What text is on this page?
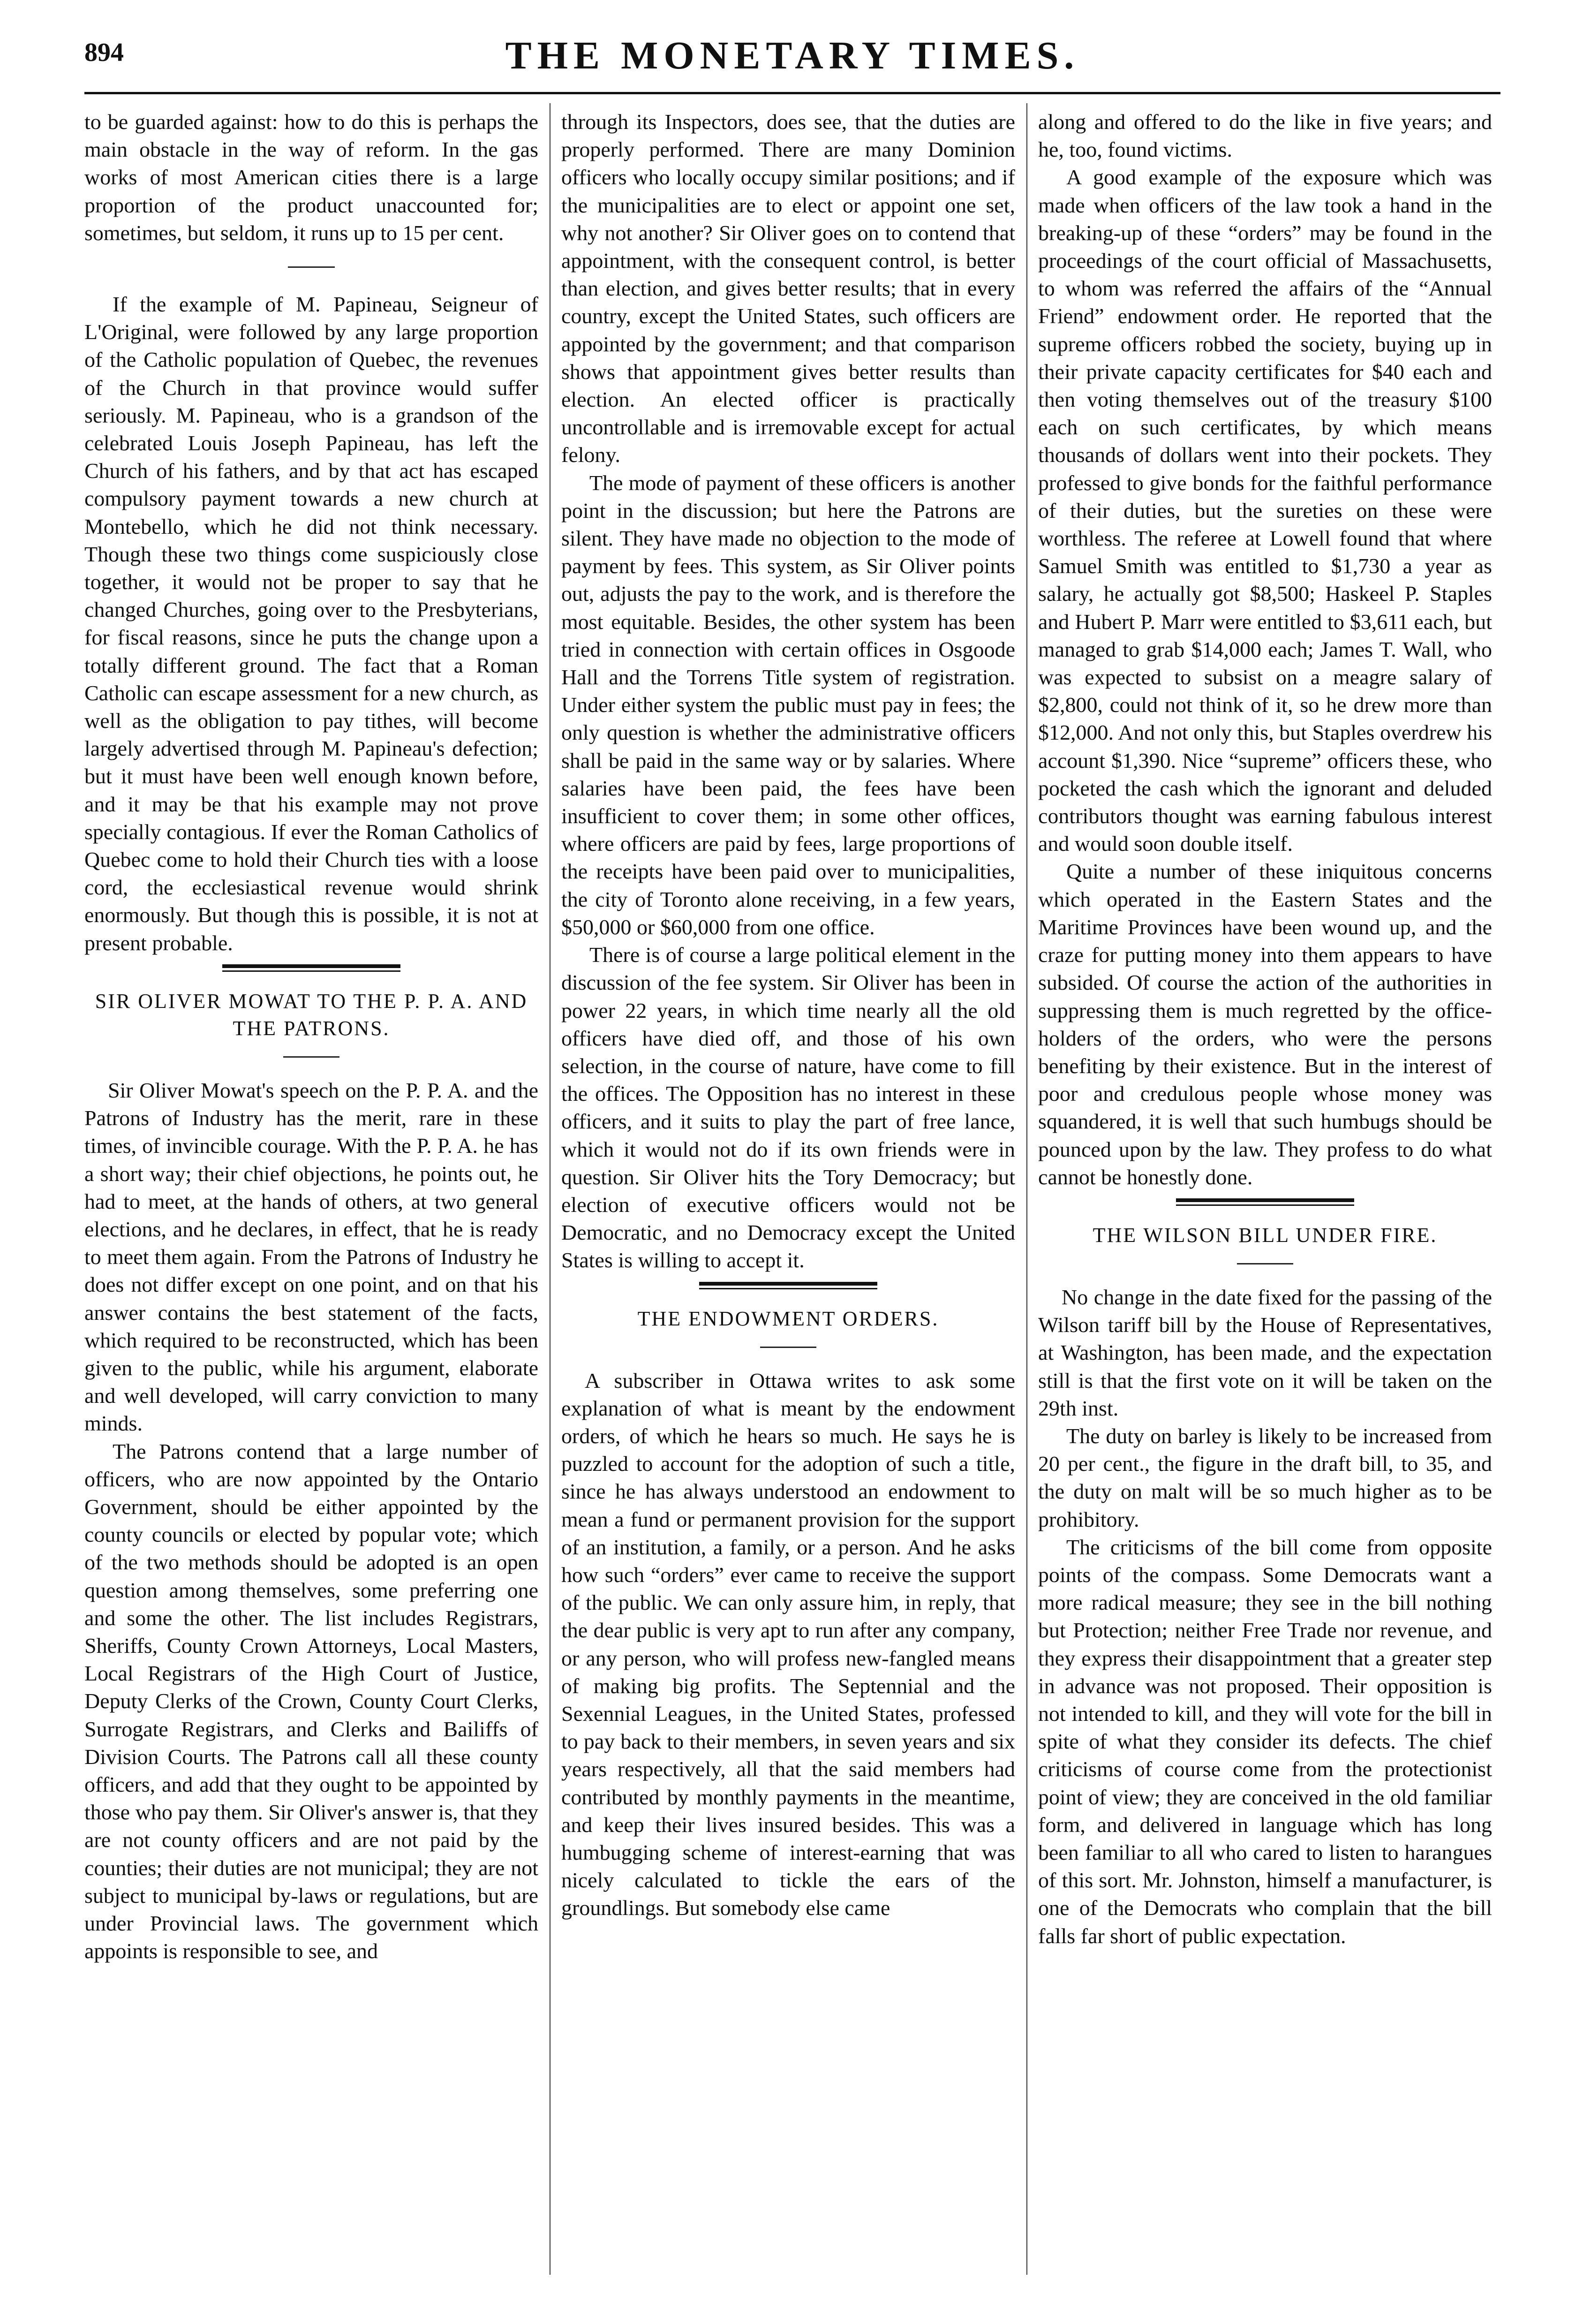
894	THE MONETARY TIMES.

to be guarded against: how to do this is perhaps the main obstacle in the way of reform. In the gas works of most American cities there is a large proportion of the product unaccounted for; sometimes, but seldom, it runs up to 15 per cent.

If the example of M. Papineau, Seigneur of L'Original, were followed by any large proportion of the Catholic population of Quebec, the revenues of the Church in that province would suffer seriously. M. Papineau, who is a grandson of the celebrated Louis Joseph Papineau, has left the Church of his fathers, and by that act has escaped compulsory payment towards a new church at Montebello, which he did not think necessary. Though these two things come suspiciously close together, it would not be proper to say that he changed Churches, going over to the Presbyterians, for fiscal reasons, since he puts the change upon a totally different ground. The fact that a Roman Catholic can escape assessment for a new church, as well as the obligation to pay tithes, will become largely advertised through M. Papineau's defection; but it must have been well enough known before, and it may be that his example may not prove specially contagious. If ever the Roman Catholics of Quebec come to hold their Church ties with a loose cord, the ecclesiastical revenue would shrink enormously. But though this is possible, it is not at present probable.

SIR OLIVER MOWAT TO THE P. P. A. AND THE PATRONS.

Sir Oliver Mowat's speech on the P. P. A. and the Patrons of Industry has the merit, rare in these times, of invincible courage. With the P. P. A. he has a short way; their chief objections, he points out, he had to meet, at the hands of others, at two general elections, and he declares, in effect, that he is ready to meet them again. From the Patrons of Industry he does not differ except on one point, and on that his answer contains the best statement of the facts, which required to be reconstructed, which has been given to the public, while his argument, elaborate and well developed, will carry conviction to many minds.

The Patrons contend that a large number of officers, who are now appointed by the Ontario Government, should be either appointed by the county councils or elected by popular vote; which of the two methods should be adopted is an open question among themselves, some preferring one and some the other. The list includes Registrars, Sheriffs, County Crown Attorneys, Local Masters, Local Registrars of the High Court of Justice, Deputy Clerks of the Crown, County Court Clerks, Surrogate Registrars, and Clerks and Bailiffs of Division Courts. The Patrons call all these county officers, and add that they ought to be appointed by those who pay them. Sir Oliver's answer is, that they are not county officers and are not paid by the counties; their duties are not municipal; they are not subject to municipal by-laws or regulations, but are under Provincial laws. The government which appoints is responsible to see, and

through its Inspectors, does see, that the duties are properly performed. There are many Dominion officers who locally occupy similar positions; and if the municipalities are to elect or appoint one set, why not another? Sir Oliver goes on to contend that appointment, with the consequent control, is better than election, and gives better results; that in every country, except the United States, such officers are appointed by the government; and that comparison shows that appointment gives better results than election. An elected officer is practically uncontrollable and is irremovable except for actual felony.

The mode of payment of these officers is another point in the discussion; but here the Patrons are silent. They have made no objection to the mode of payment by fees. This system, as Sir Oliver points out, adjusts the pay to the work, and is therefore the most equitable. Besides, the other system has been tried in connection with certain offices in Osgoode Hall and the Torrens Title system of registration. Under either system the public must pay in fees; the only question is whether the administrative officers shall be paid in the same way or by salaries. Where salaries have been paid, the fees have been insufficient to cover them; in some other offices, where officers are paid by fees, large proportions of the receipts have been paid over to municipalities, the city of Toronto alone receiving, in a few years, $50,000 or $60,000 from one office.

There is of course a large political element in the discussion of the fee system. Sir Oliver has been in power 22 years, in which time nearly all the old officers have died off, and those of his own selection, in the course of nature, have come to fill the offices. The Opposition has no interest in these officers, and it suits to play the part of free lance, which it would not do if its own friends were in question. Sir Oliver hits the Tory Democracy; but election of executive officers would not be Democratic, and no Democracy except the United States is willing to accept it.

THE ENDOWMENT ORDERS.

A subscriber in Ottawa writes to ask some explanation of what is meant by the endowment orders, of which he hears so much. He says he is puzzled to account for the adoption of such a title, since he has always understood an endowment to mean a fund or permanent provision for the support of an institution, a family, or a person. And he asks how such “orders” ever came to receive the support of the public. We can only assure him, in reply, that the dear public is very apt to run after any company, or any person, who will profess new-fangled means of making big profits. The Septennial and the Sexennial Leagues, in the United States, professed to pay back to their members, in seven years and six years respectively, all that the said members had contributed by monthly payments in the meantime, and keep their lives insured besides. This was a humbugging scheme of interest-earning that was nicely calculated to tickle the ears of the groundlings. But somebody else came

along and offered to do the like in five years; and he, too, found victims.

A good example of the exposure which was made when officers of the law took a hand in the breaking-up of these “orders” may be found in the proceedings of the court official of Massachusetts, to whom was referred the affairs of the “Annual Friend” endowment order. He reported that the supreme officers robbed the society, buying up in their private capacity certificates for $40 each and then voting themselves out of the treasury $100 each on such certificates, by which means thousands of dollars went into their pockets. They professed to give bonds for the faithful performance of their duties, but the sureties on these were worthless. The referee at Lowell found that where Samuel Smith was entitled to $1,730 a year as salary, he actually got $8,500; Haskeel P. Staples and Hubert P. Marr were entitled to $3,611 each, but managed to grab $14,000 each; James T. Wall, who was expected to subsist on a meagre salary of $2,800, could not think of it, so he drew more than $12,000. And not only this, but Staples overdrew his account $1,390. Nice “supreme” officers these, who pocketed the cash which the ignorant and deluded contributors thought was earning fabulous interest and would soon double itself.

Quite a number of these iniquitous concerns which operated in the Eastern States and the Maritime Provinces have been wound up, and the craze for putting money into them appears to have subsided. Of course the action of the authorities in suppressing them is much regretted by the office-holders of the orders, who were the persons benefiting by their existence. But in the interest of poor and credulous people whose money was squandered, it is well that such humbugs should be pounced upon by the law. They profess to do what cannot be honestly done.

THE WILSON BILL UNDER FIRE.

No change in the date fixed for the passing of the Wilson tariff bill by the House of Representatives, at Washington, has been made, and the expectation still is that the first vote on it will be taken on the 29th inst.

The duty on barley is likely to be increased from 20 per cent., the figure in the draft bill, to 35, and the duty on malt will be so much higher as to be prohibitory.

The criticisms of the bill come from opposite points of the compass. Some Democrats want a more radical measure; they see in the bill nothing but Protection; neither Free Trade nor revenue, and they express their disappointment that a greater step in advance was not proposed. Their opposition is not intended to kill, and they will vote for the bill in spite of what they consider its defects. The chief criticisms of course come from the protectionist point of view; they are conceived in the old familiar form, and delivered in language which has long been familiar to all who cared to listen to harangues of this sort. Mr. Johnston, himself a manufacturer, is one of the Democrats who complain that the bill falls far short of public expectation.
